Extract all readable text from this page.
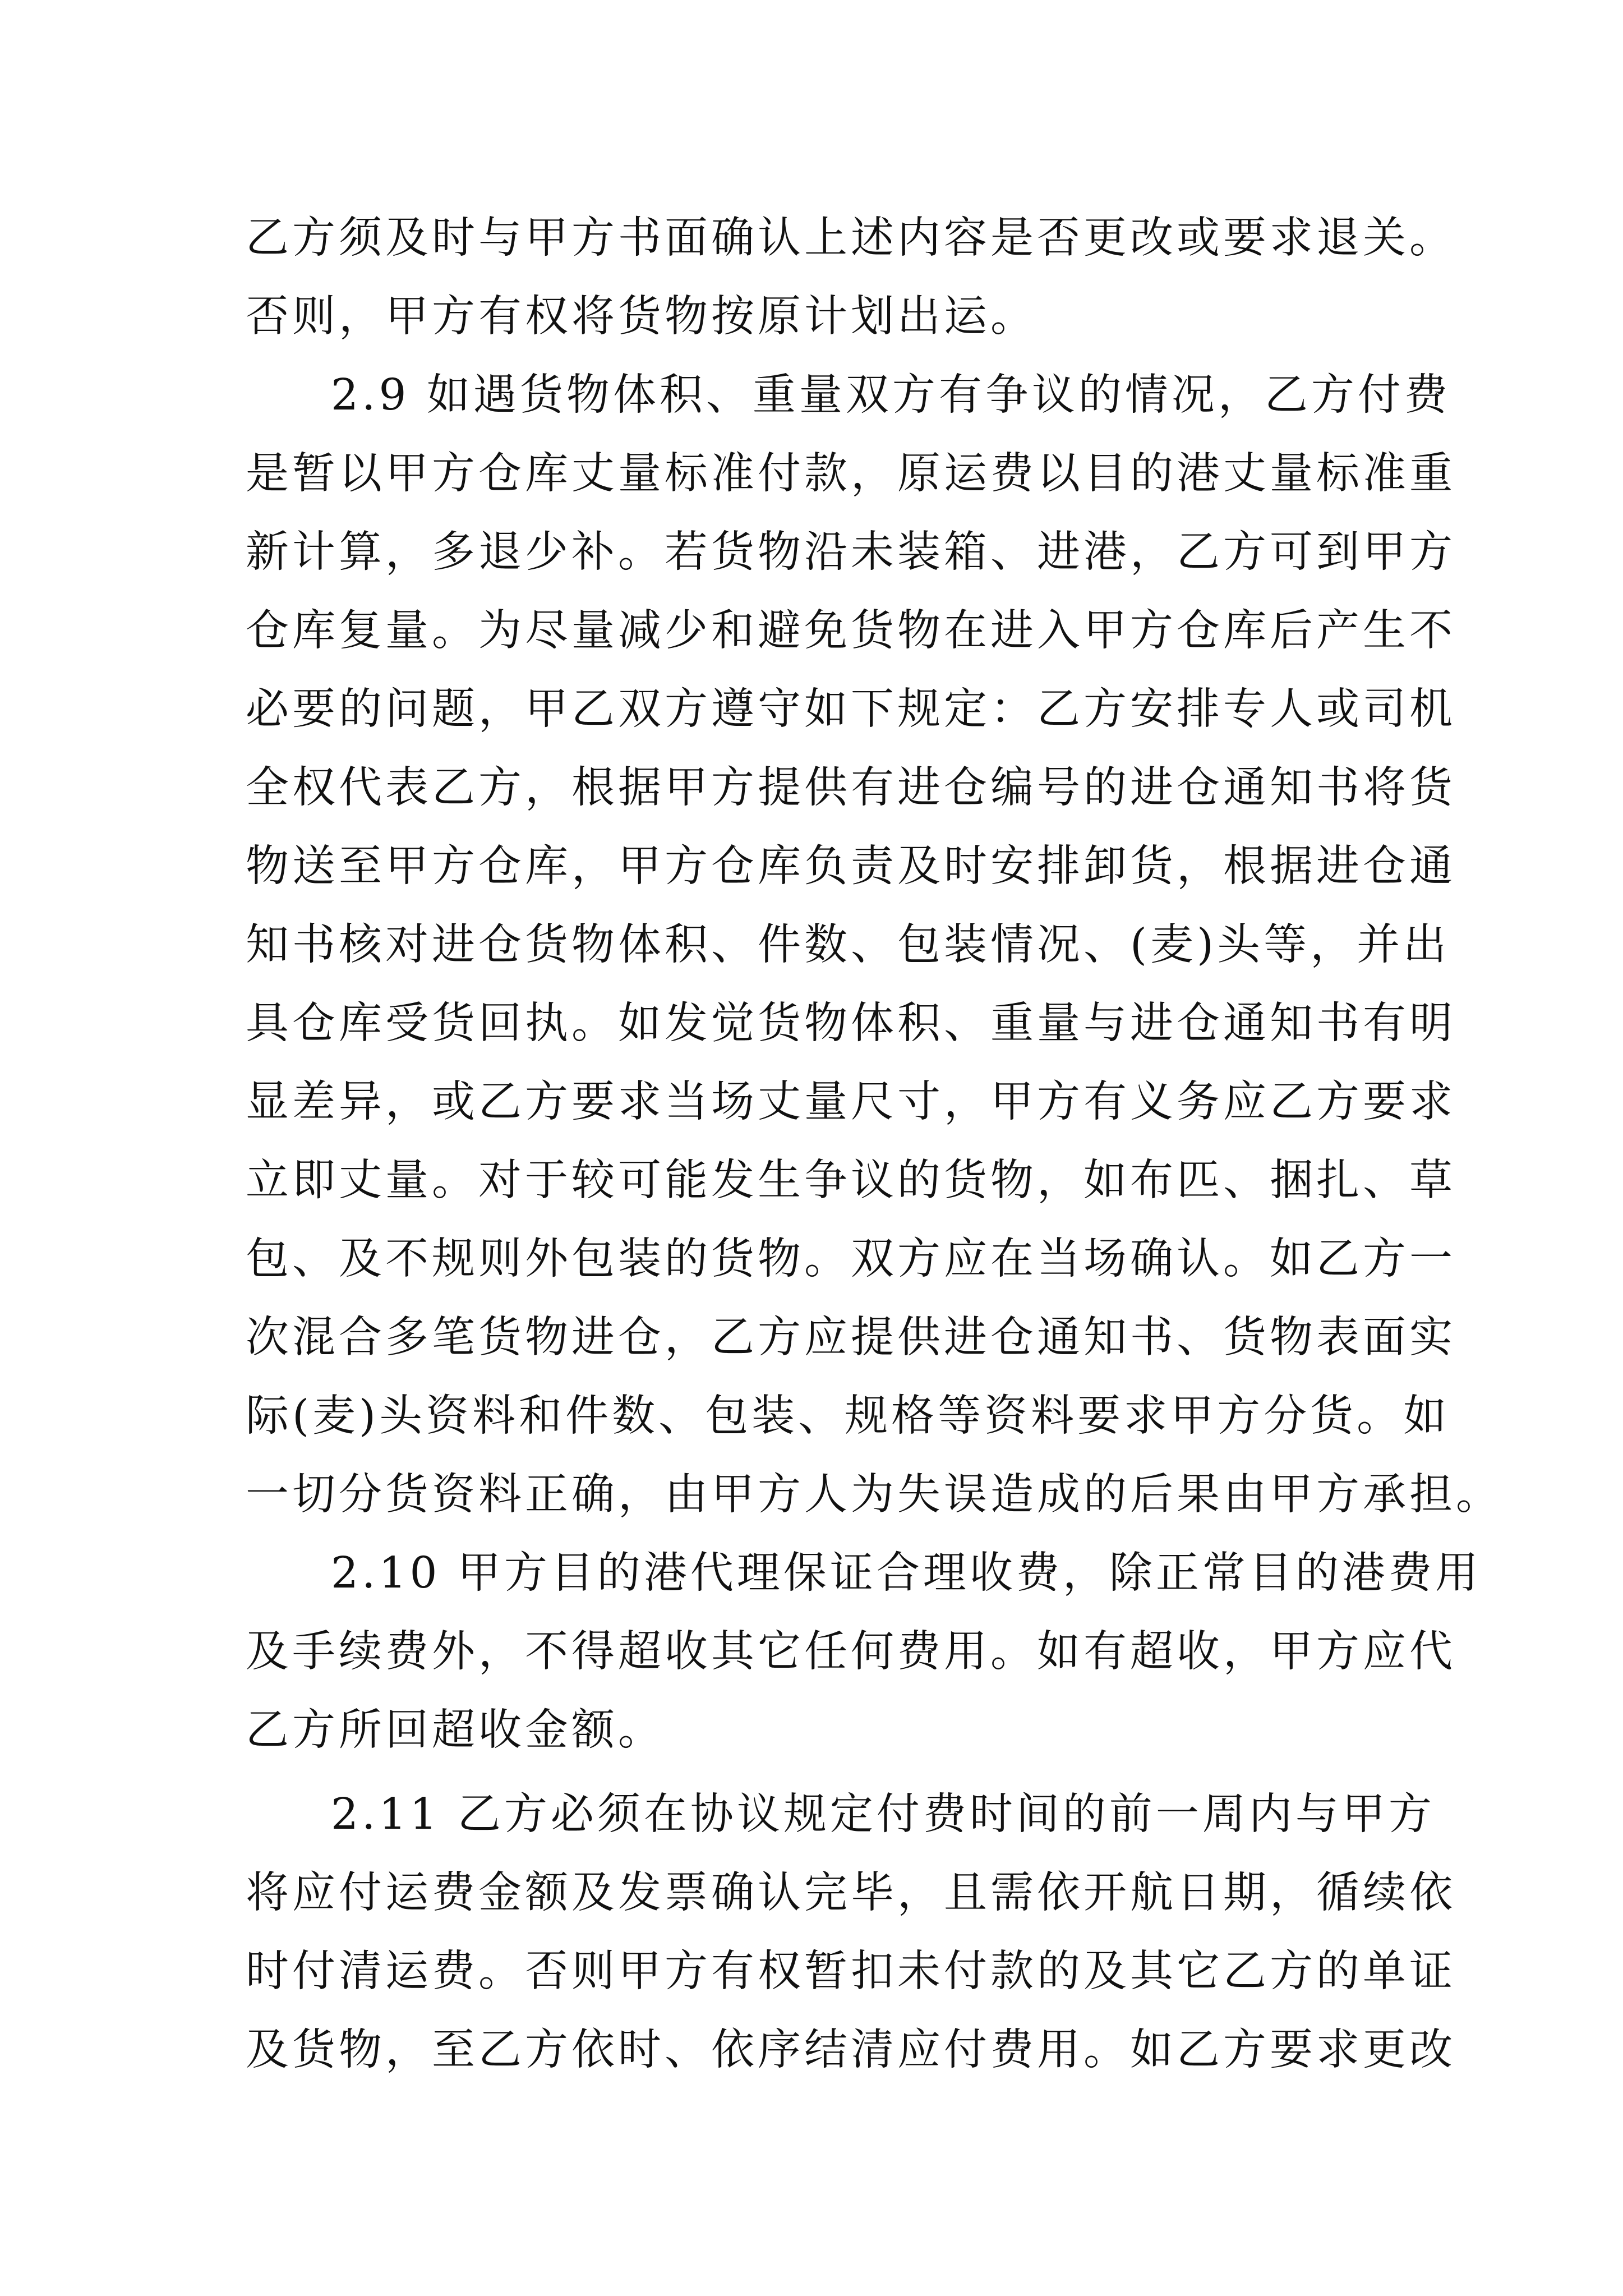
乙方须及时与甲方书面确认上述内容是否更改或要求退关。
否则，甲方有权将货物按原计划出运。
2.9 如遇货物体积、重量双方有争议的情况，乙方付费
是暂以甲方仓库丈量标准付款，原运费以目的港丈量标准重
新计算，多退少补。若货物沿未装箱、进港，乙方可到甲方
仓库复量。为尽量减少和避免货物在进入甲方仓库后产生不
必要的问题，甲乙双方遵守如下规定：乙方安排专人或司机
全权代表乙方，根据甲方提供有进仓编号的进仓通知书将货
物送至甲方仓库，甲方仓库负责及时安排卸货，根据进仓通
知书核对进仓货物体积、件数、包装情况、(麦)头等，并出
具仓库受货回执。如发觉货物体积、重量与进仓通知书有明
显差异，或乙方要求当场丈量尺寸，甲方有义务应乙方要求
立即丈量。对于较可能发生争议的货物，如布匹、捆扎、草
包、及不规则外包装的货物。双方应在当场确认。如乙方一
次混合多笔货物进仓，乙方应提供进仓通知书、货物表面实
际(麦)头资料和件数、包装、规格等资料要求甲方分货。如
一切分货资料正确，由甲方人为失误造成的后果由甲方承担。
2.10 甲方目的港代理保证合理收费，除正常目的港费用
及手续费外，不得超收其它任何费用。如有超收，甲方应代
乙方所回超收金额。
2.11 乙方必须在协议规定付费时间的前一周内与甲方
将应付运费金额及发票确认完毕，且需依开航日期，循续依
时付清运费。否则甲方有权暂扣未付款的及其它乙方的单证
及货物，至乙方依时、依序结清应付费用。如乙方要求更改
